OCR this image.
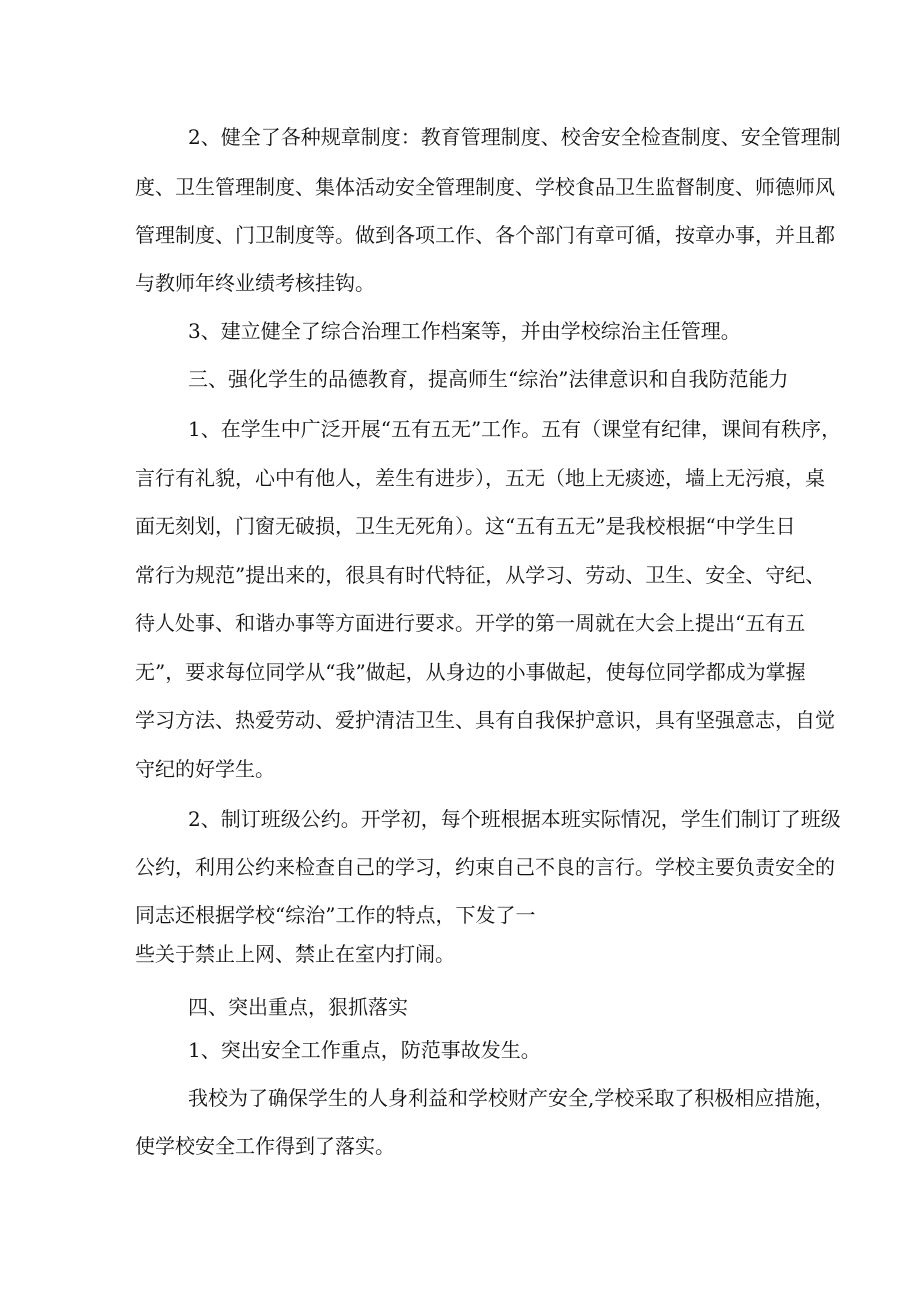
2、健全了各种规章制度：教育管理制度、校舍安全检查制度、安全管理制
度、卫生管理制度、集体活动安全管理制度、学校食品卫生监督制度、师德师风
管理制度、门卫制度等。做到各项工作、各个部门有章可循，按章办事，并且都
与教师年终业绩考核挂钩。
3、建立健全了综合治理工作档案等，并由学校综治主任管理。
三、强化学生的品德教育，提高师生“综治”法律意识和自我防范能力
1、在学生中广泛开展“五有五无”工作。五有（课堂有纪律，课间有秩序，
言行有礼貌，心中有他人，差生有进步），五无（地上无痰迹，墙上无污痕，桌
面无刻划，门窗无破损，卫生无死角）。这“五有五无”是我校根据“中学生日
常行为规范”提出来的，很具有时代特征，从学习、劳动、卫生、安全、守纪、
待人处事、和谐办事等方面进行要求。开学的第一周就在大会上提出“五有五
无”，要求每位同学从“我”做起，从身边的小事做起，使每位同学都成为掌握
学习方法、热爱劳动、爱护清洁卫生、具有自我保护意识，具有坚强意志，自觉
守纪的好学生。
2、制订班级公约。开学初，每个班根据本班实际情况，学生们制订了班级
公约，利用公约来检查自己的学习，约束自己不良的言行。学校主要负责安全的
同志还根据学校“综治”工作的特点，下发了一
些关于禁止上网、禁止在室内打闹。
四、突出重点，狠抓落实
1、突出安全工作重点，防范事故发生。
我校为了确保学生的人身利益和学校财产安全,学校采取了积极相应措施，
使学校安全工作得到了落实。
